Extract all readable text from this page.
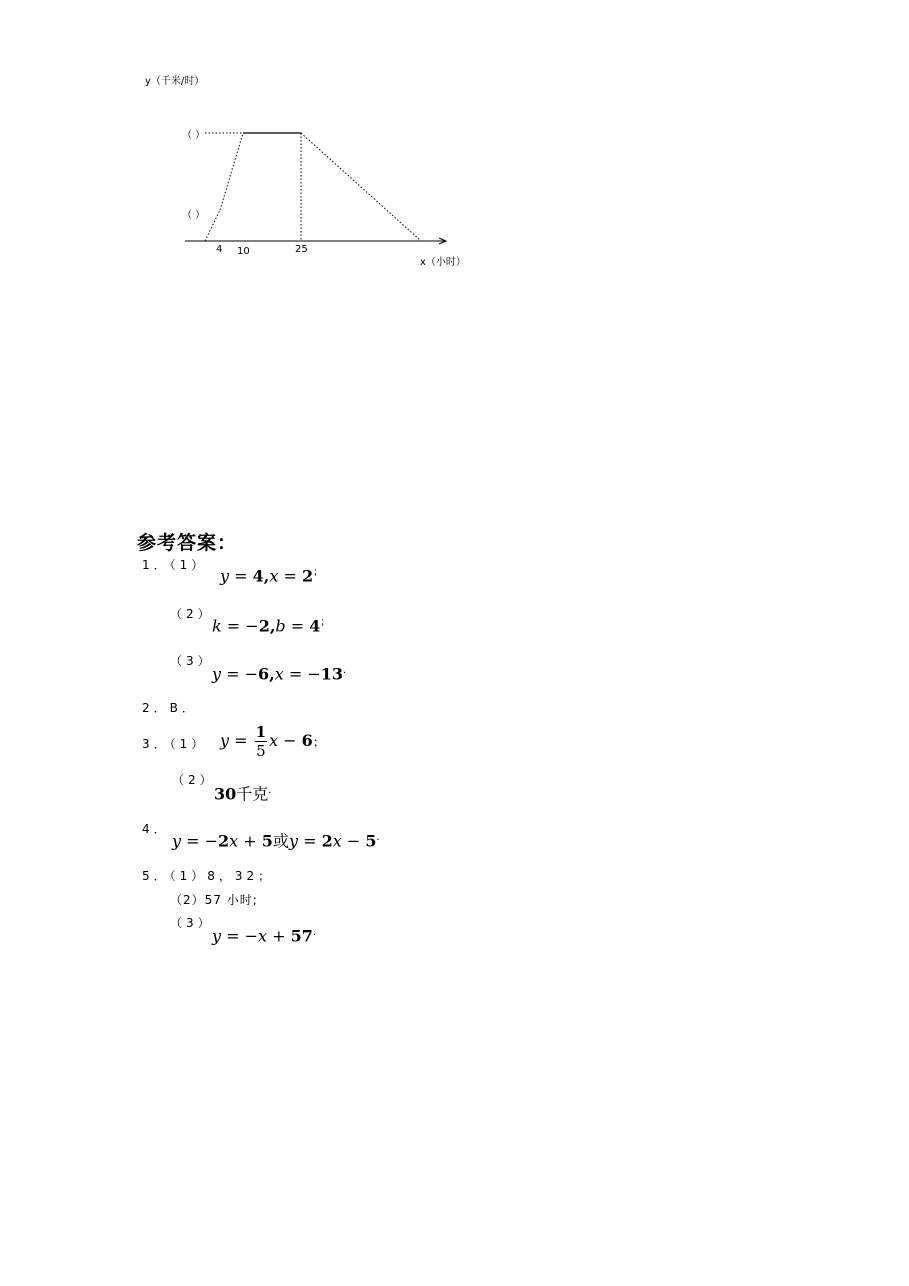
y（千米/时）
（ ）
（ ）
4 10	25
x（小时）
参考答案：
1．（1）
y = 4,x = 2；
（2）
k = −2,b = 4；
（3）
y = −6,x = −13．
2．B．
3．（1） $y = \frac{1}{5}$ x − 6；
（2）
30千克．
4．
y = −2x + 5或y = 2x − 5．
5．（1）8，32；
（2）57 小时;
（3）
y = −x + 57．
